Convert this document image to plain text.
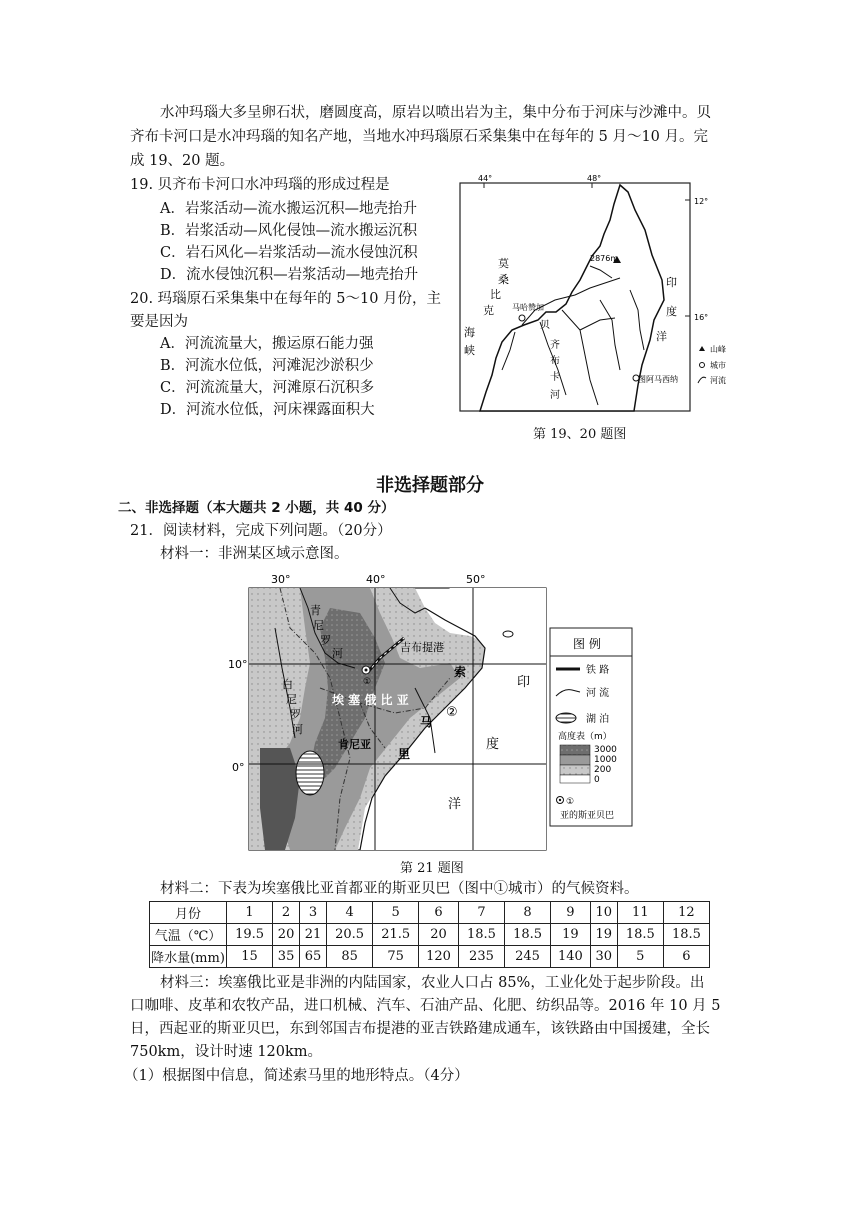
水冲玛瑙大多呈卵石状，磨圆度高，原岩以喷出岩为主，集中分布于河床与沙滩中。贝
齐布卡河口是水冲玛瑙的知名产地，当地水冲玛瑙原石采集集中在每年的 5 月～10 月。完
成 19、20 题。
19. 贝齐布卡河口水冲玛瑙的形成过程是
A．岩浆活动—流水搬运沉积—地壳抬升
B．岩浆活动—风化侵蚀—流水搬运沉积
C．岩石风化—岩浆活动—流水侵蚀沉积
D．流水侵蚀沉积—岩浆活动—地壳抬升
20. 玛瑙原石采集集中在每年的 5～10 月份，主
要是因为
A．河流流量大，搬运原石能力强
B．河流水位低，河滩泥沙淤积少
C．河流流量大，河滩原石沉积多
D．河流水位低，河床裸露面积大
44°	48°
12°
16°
2876m
莫
桑
比
克
海
峡
马哈赞加
贝
齐
布
卡
河
印
度
洋
图阿马西纳
山峰
城市
河流
第 19、20 题图
非选择题部分
二、非选择题（本大题共 2 小题，共 40 分）
21．阅读材料，完成下列问题。（20分）
材料一：非洲某区域示意图。
30°	40°	50°
10°
0°
①
青
尼
罗
河	吉布提港
白
尼
罗
河
埃 塞 俄 比 亚
肯尼亚
索
马
里
②
印
度
洋
图 例
铁 路
河 流
湖 泊
高度表（m）
3000
1000
200
0
①
亚的斯亚贝巴
第 21 题图
材料二：下表为埃塞俄比亚首都亚的斯亚贝巴（图中①城市）的气候资料。
月份	1	2	3	4	5	6	7	8	9	10	11	12
气温（℃）	19.5	20	21	20.5	21.5	20	18.5	18.5	19	19	18.5	18.5
降水量(mm)	15	35	65	85	75	120	235	245	140	30	5	6
材料三：埃塞俄比亚是非洲的内陆国家，农业人口占 85%，工业化处于起步阶段。出
口咖啡、皮革和农牧产品，进口机械、汽车、石油产品、化肥、纺织品等。2016 年 10 月 5
日，西起亚的斯亚贝巴，东到邻国吉布提港的亚吉铁路建成通车，该铁路由中国援建，全长
750km，设计时速 120km。
（1）根据图中信息，简述索马里的地形特点。（4分）
